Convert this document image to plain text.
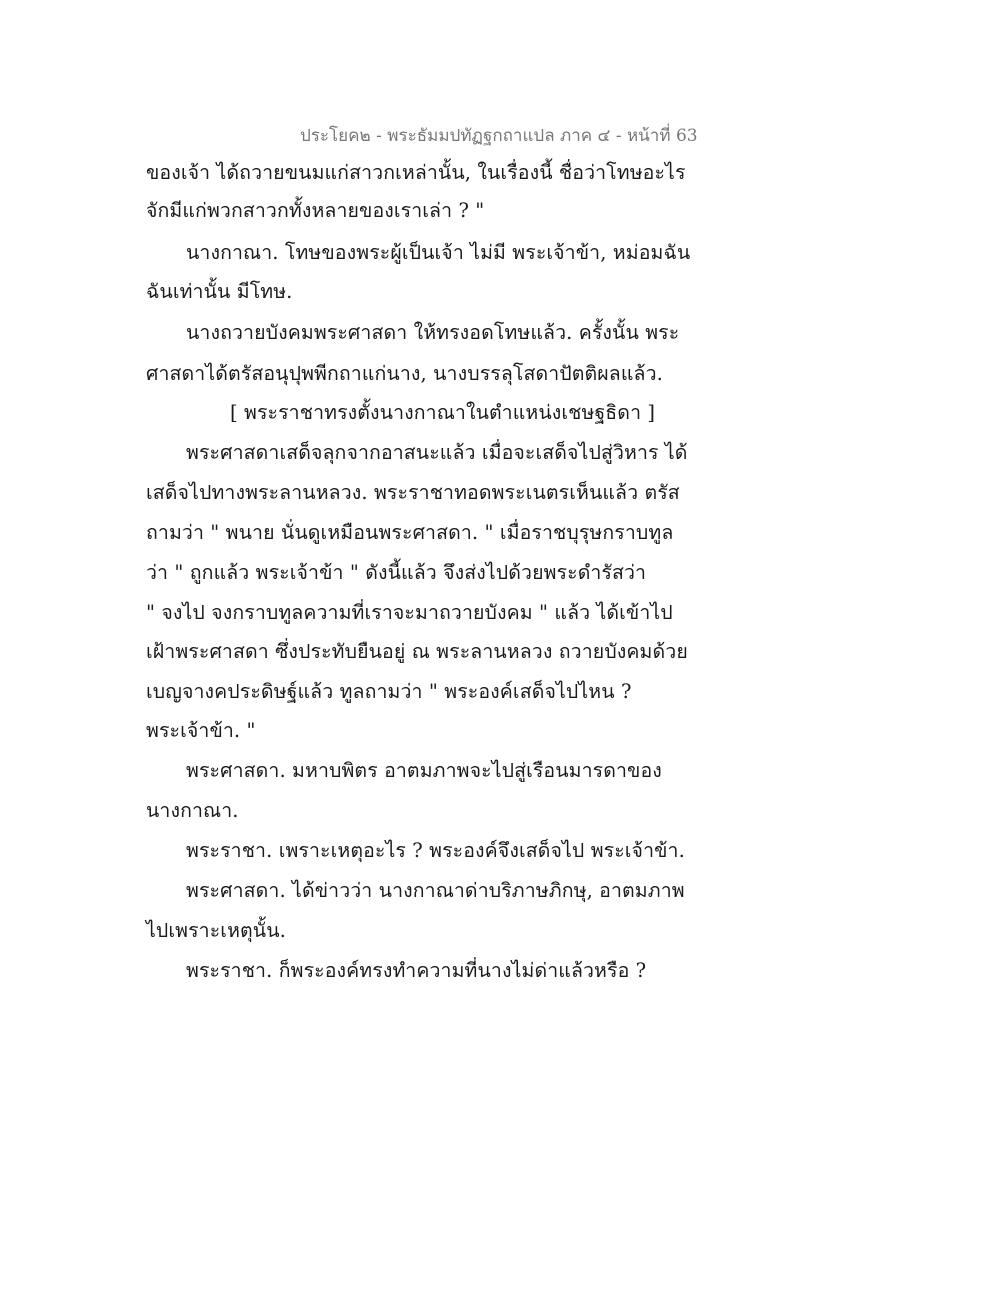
ประโยค๒ - พระธัมมปทัฏฐกถาแปล ภาค ๔ - หน้าที่ 63
ของเจ้า ได้ถวายขนมแก่สาวกเหล่านั้น, ในเรื่องนี้ ชื่อว่าโทษอะไร
จักมีแก่พวกสาวกทั้งหลายของเราเล่า ? "
นางกาณา. โทษของพระผู้เป็นเจ้า ไม่มี พระเจ้าข้า, หม่อมฉัน
ฉันเท่านั้น มีโทษ.
นางถวายบังคมพระศาสดา ให้ทรงอดโทษแล้ว. ครั้งนั้น พระ
ศาสดาได้ตรัสอนุปุพพีกถาแก่นาง, นางบรรลุโสดาปัตติผลแล้ว.
[ พระราชาทรงตั้งนางกาณาในตำแหน่งเชษฐธิดา ]
พระศาสดาเสด็จลุกจากอาสนะแล้ว เมื่อจะเสด็จไปสู่วิหาร ได้
เสด็จไปทางพระลานหลวง. พระราชาทอดพระเนตรเห็นแล้ว ตรัส
ถามว่า " พนาย นั่นดูเหมือนพระศาสดา. " เมื่อราชบุรุษกราบทูล
ว่า " ถูกแล้ว พระเจ้าข้า " ดังนี้แล้ว จึงส่งไปด้วยพระดำรัสว่า
" จงไป จงกราบทูลความที่เราจะมาถวายบังคม " แล้ว ได้เข้าไป
เฝ้าพระศาสดา ซึ่งประทับยืนอยู่ ณ พระลานหลวง ถวายบังคมด้วย
เบญจางคประดิษฐ์แล้ว ทูลถามว่า " พระองค์เสด็จไปไหน ?
พระเจ้าข้า. "
พระศาสดา. มหาบพิตร อาตมภาพจะไปสู่เรือนมารดาของ
นางกาณา.
พระราชา. เพราะเหตุอะไร ? พระองค์จึงเสด็จไป พระเจ้าข้า.
พระศาสดา. ได้ข่าวว่า นางกาณาด่าบริภาษภิกษุ, อาตมภาพ
ไปเพราะเหตุนั้น.
พระราชา. ก็พระองค์ทรงทำความที่นางไม่ด่าแล้วหรือ ?
